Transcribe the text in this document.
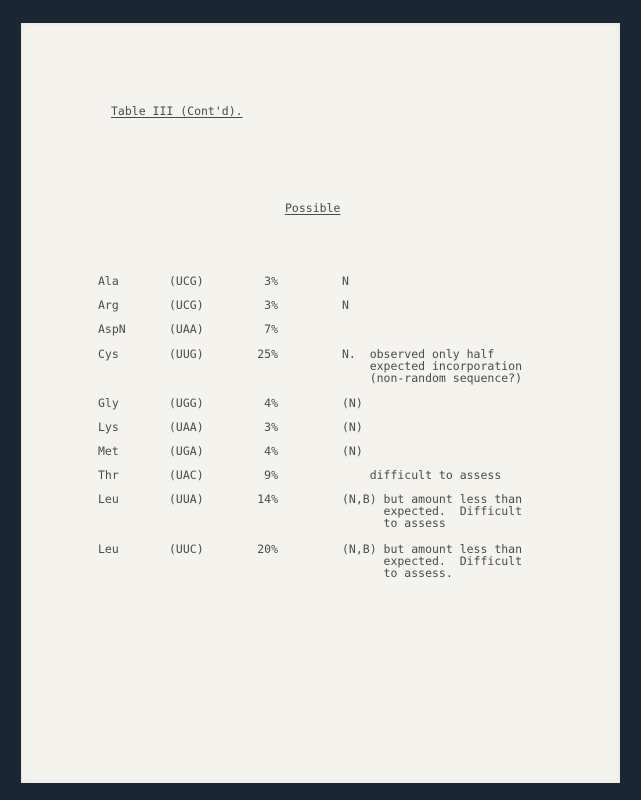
Table III (Cont'd).
Possible
Ala	(UCG)	3%	N
Arg	(UCG)	3%	N
AspN	(UAA)	7%
Cys	(UUG)	25%	N.  observed only half
expected incorporation
(non-random sequence?)
Gly	(UGG)	4%	(N)
Lys	(UAA)	3%	(N)
Met	(UGA)	4%	(N)
Thr	(UAC)	9%	difficult to assess
Leu	(UUA)	14%	(N,B) but amount less than
expected.  Difficult
to assess
Leu	(UUC)	20%	(N,B) but amount less than
expected.  Difficult
to assess.
